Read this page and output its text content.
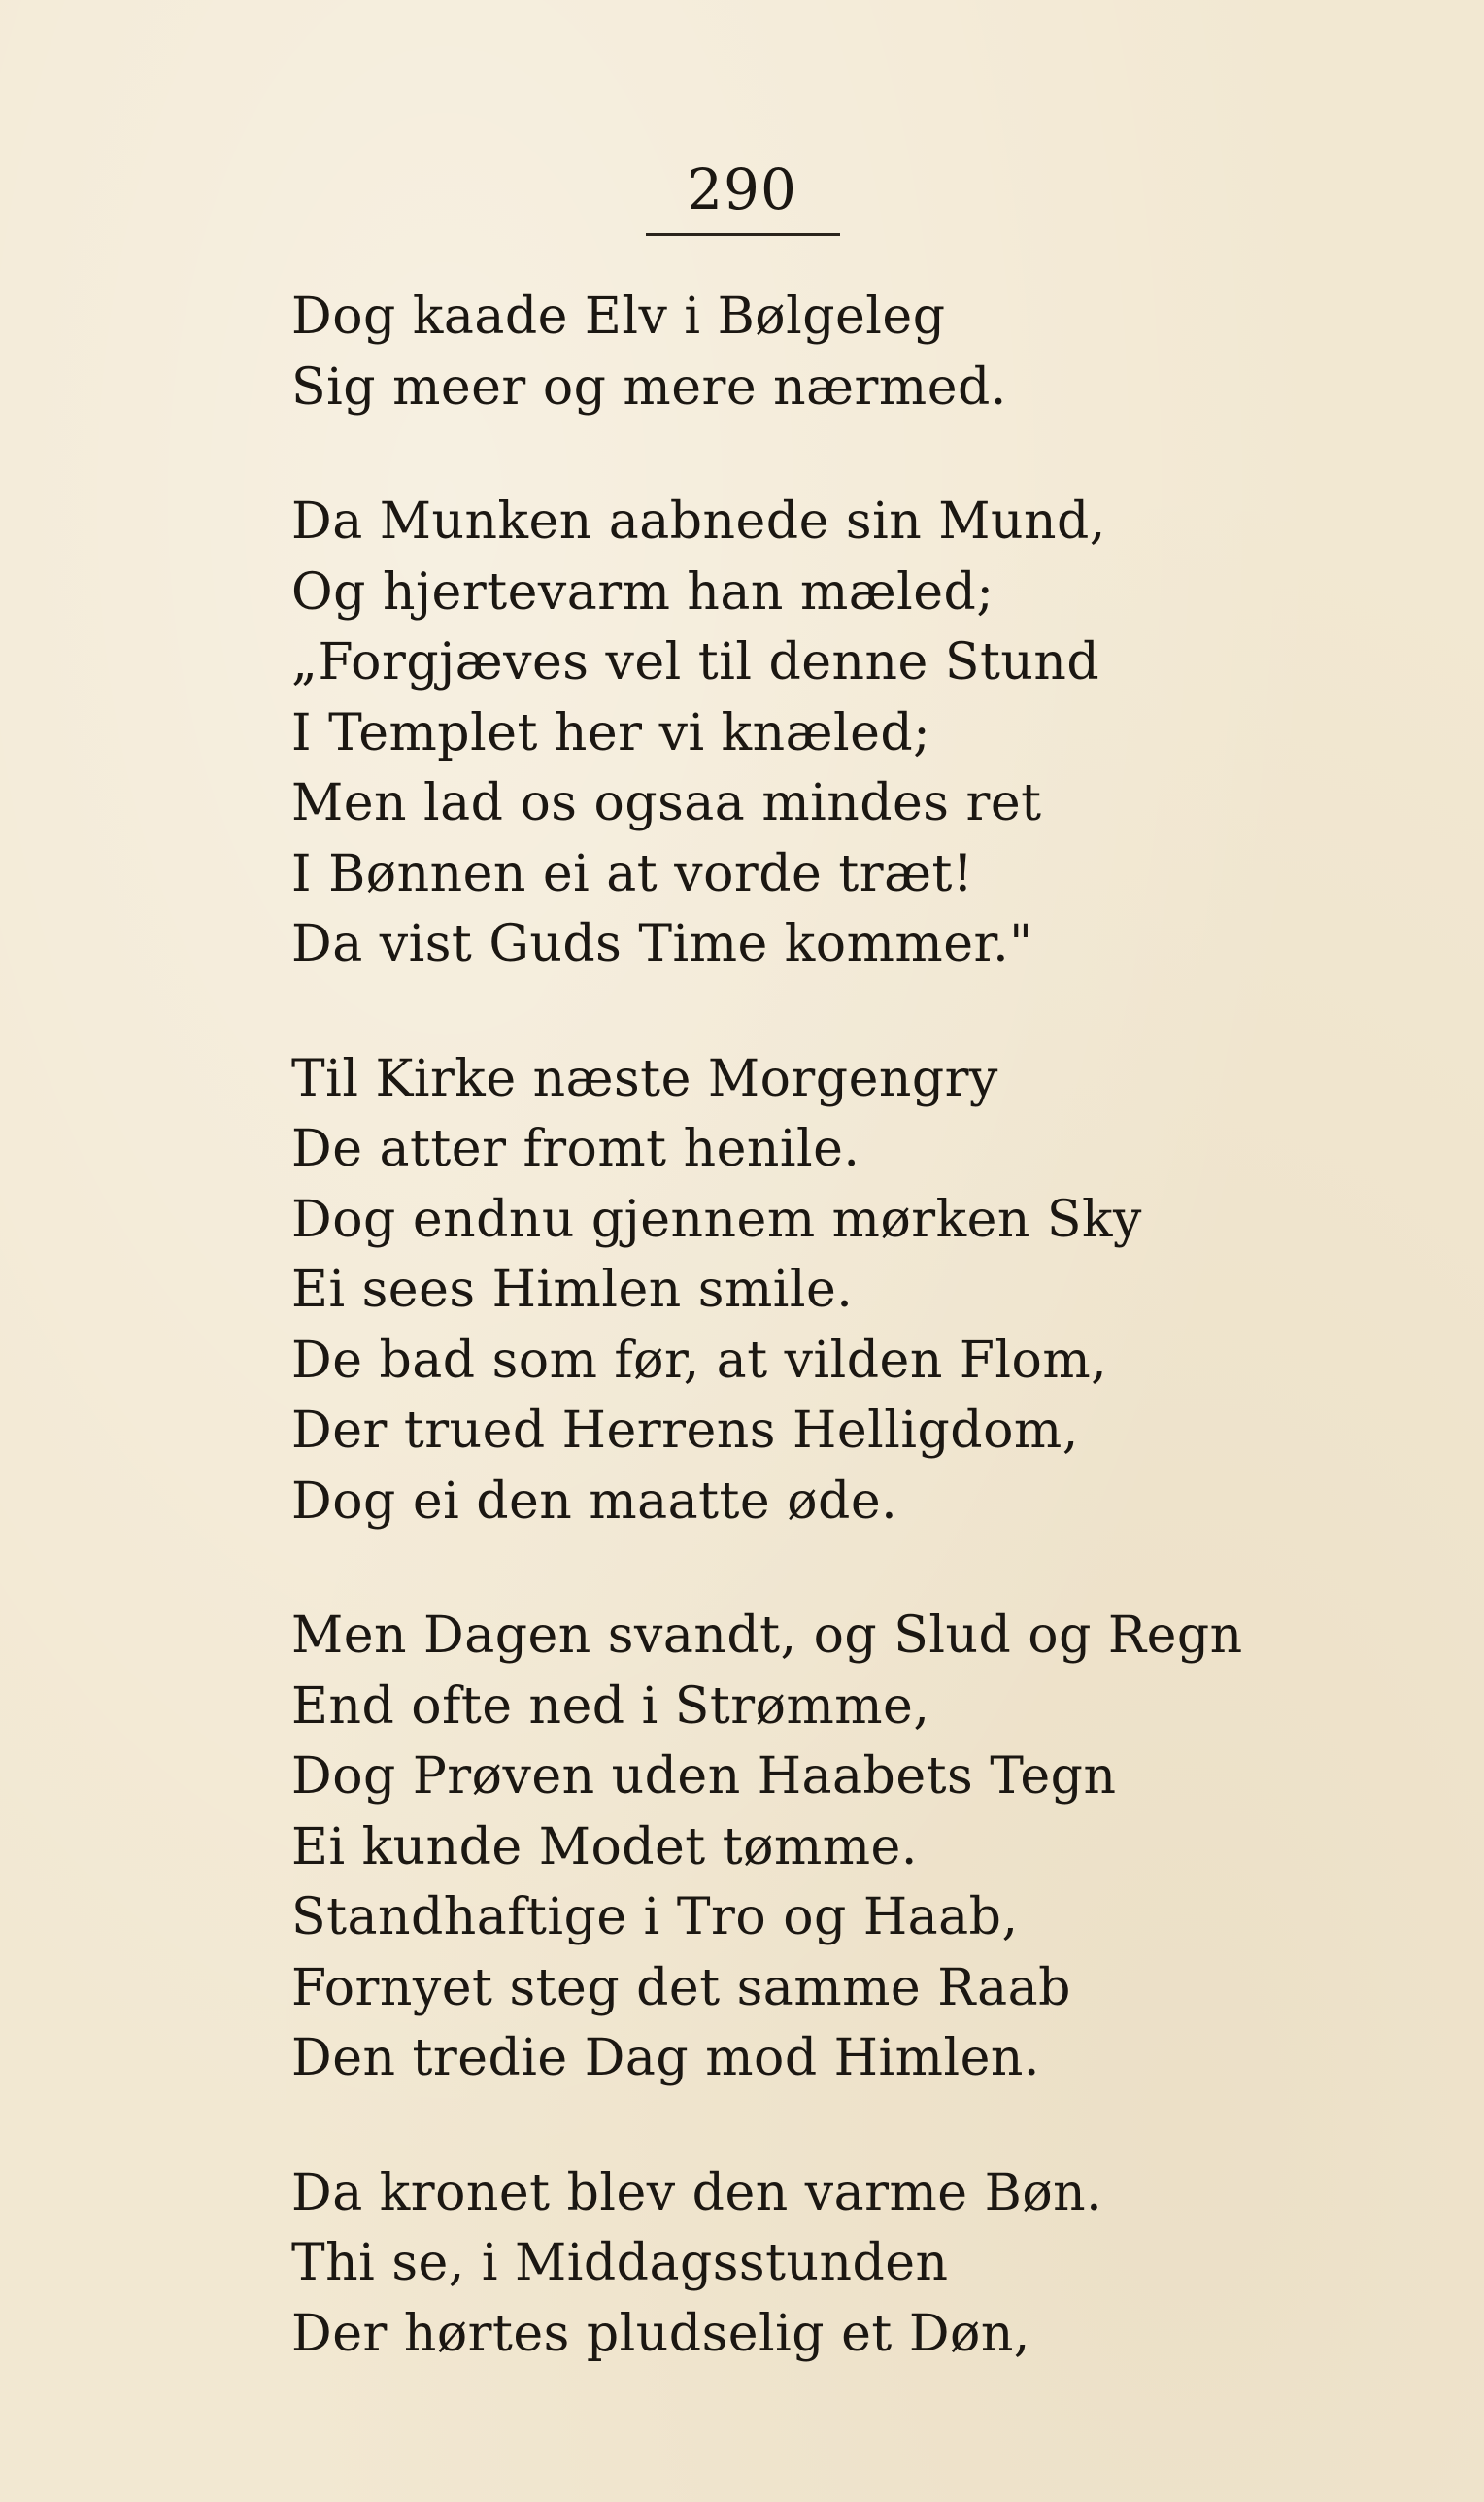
290
Dog kaade Elv i Bølgeleg
Sig meer og mere nærmed.
Da Munken aabnede sin Mund,
Og hjertevarm han mæled;
„Forgjæves vel til denne Stund
I Templet her vi knæled;
Men lad os ogsaa mindes ret
I Bønnen ei at vorde træt!
Da vist Guds Time kommer."
Til Kirke næste Morgengry
De atter fromt henile.
Dog endnu gjennem mørken Sky
Ei sees Himlen smile.
De bad som før, at vilden Flom,
Der trued Herrens Helligdom,
Dog ei den maatte øde.
Men Dagen svandt, og Slud og Regn
End ofte ned i Strømme,
Dog Prøven uden Haabets Tegn
Ei kunde Modet tømme.
Standhaftige i Tro og Haab,
Fornyet steg det samme Raab
Den tredie Dag mod Himlen.
Da kronet blev den varme Bøn.
Thi se, i Middagsstunden
Der hørtes pludselig et Døn,
